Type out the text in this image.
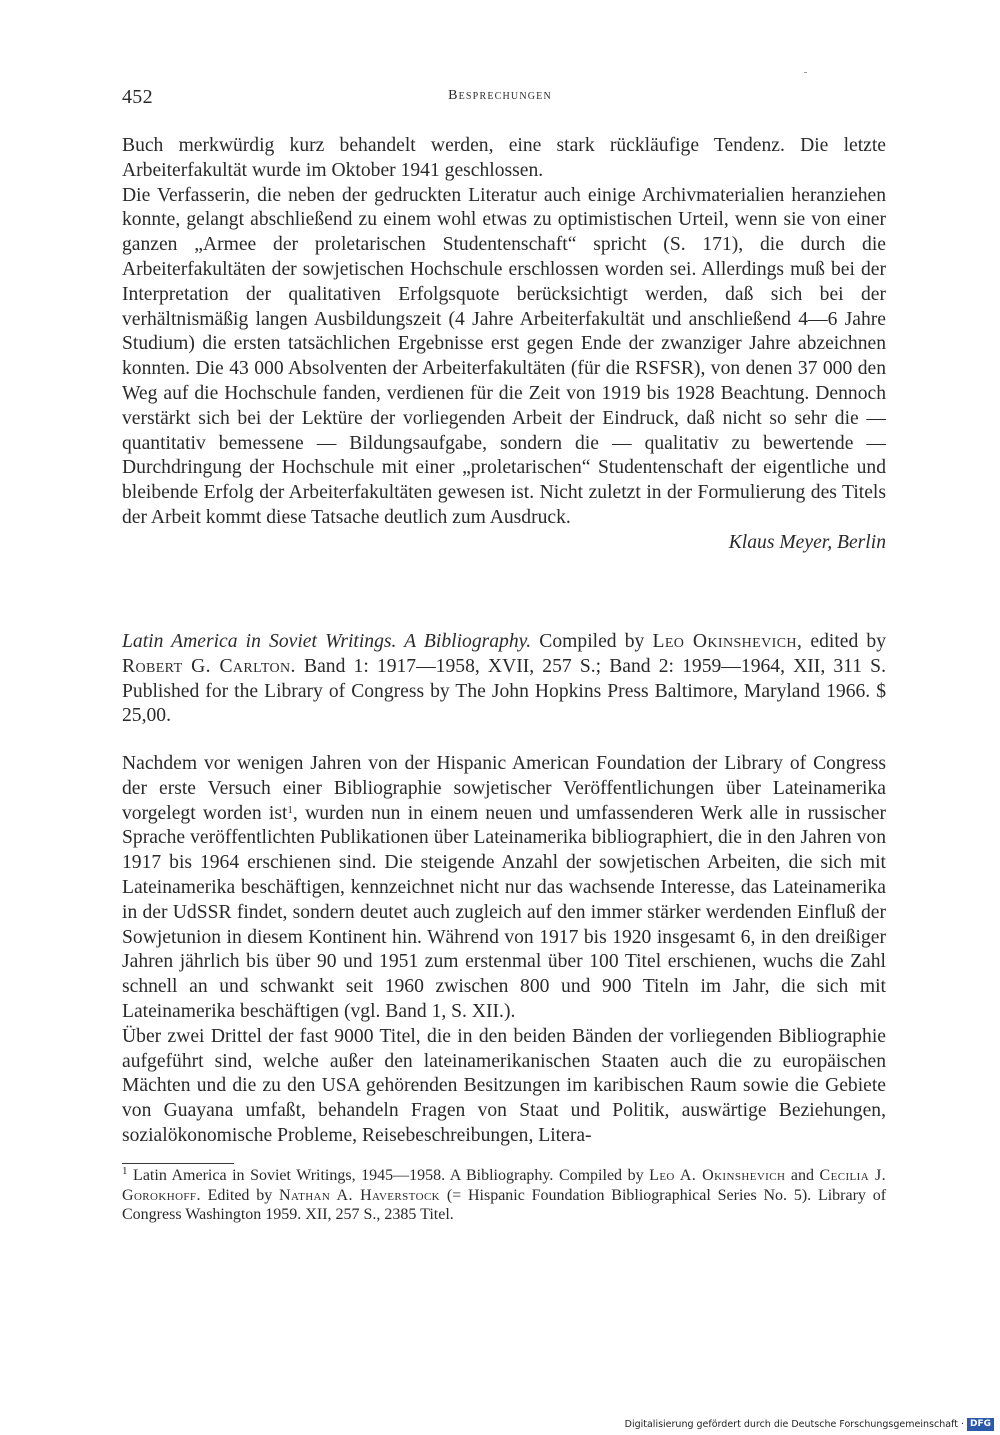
452	Besprechungen

Buch merkwürdig kurz behandelt werden, eine stark rückläufige Tendenz. Die letzte Arbeiterfakultät wurde im Oktober 1941 geschlossen.

Die Verfasserin, die neben der gedruckten Literatur auch einige Archivmaterialien heranziehen konnte, gelangt abschließend zu einem wohl etwas zu optimistischen Urteil, wenn sie von einer ganzen „Armee der proletarischen Studentenschaft“ spricht (S. 171), die durch die Arbeiterfakultäten der sowjetischen Hochschule erschlossen worden sei. Allerdings muß bei der Interpretation der qualitativen Erfolgsquote berücksichtigt werden, daß sich bei der verhältnismäßig langen Ausbildungszeit (4 Jahre Arbeiterfakultät und anschließend 4—6 Jahre Studium) die ersten tatsächlichen Ergebnisse erst gegen Ende der zwanziger Jahre abzeichnen konnten. Die 43 000 Absolventen der Arbeiterfakultäten (für die RSFSR), von denen 37 000 den Weg auf die Hochschule fanden, verdienen für die Zeit von 1919 bis 1928 Beachtung. Dennoch verstärkt sich bei der Lektüre der vorliegenden Arbeit der Eindruck, daß nicht so sehr die — quantitativ bemessene — Bildungsaufgabe, sondern die — qualitativ zu bewertende — Durchdringung der Hochschule mit einer „proletarischen“ Studentenschaft der eigentliche und bleibende Erfolg der Arbeiterfakultäten gewesen ist. Nicht zuletzt in der Formulierung des Titels der Arbeit kommt diese Tatsache deutlich zum Ausdruck.

Klaus Meyer, Berlin

Latin America in Soviet Writings. A Bibliography. Compiled by Leo Okinshevich, edited by Robert G. Carlton. Band 1: 1917—1958, XVII, 257 S.; Band 2: 1959—1964, XII, 311 S. Published for the Library of Congress by The John Hopkins Press Baltimore, Maryland 1966. $ 25,00.

Nachdem vor wenigen Jahren von der Hispanic American Foundation der Library of Congress der erste Versuch einer Bibliographie sowjetischer Veröffentlichungen über Lateinamerika vorgelegt worden ist$^1$, wurden nun in einem neuen und umfassenderen Werk alle in russischer Sprache veröffentlichten Publikationen über Lateinamerika bibliographiert, die in den Jahren von 1917 bis 1964 erschienen sind. Die steigende Anzahl der sowjetischen Arbeiten, die sich mit Lateinamerika beschäftigen, kennzeichnet nicht nur das wachsende Interesse, das Lateinamerika in der UdSSR findet, sondern deutet auch zugleich auf den immer stärker werdenden Einfluß der Sowjetunion in diesem Kontinent hin. Während von 1917 bis 1920 insgesamt 6, in den dreißiger Jahren jährlich bis über 90 und 1951 zum erstenmal über 100 Titel erschienen, wuchs die Zahl schnell an und schwankt seit 1960 zwischen 800 und 900 Titeln im Jahr, die sich mit Lateinamerika beschäftigen (vgl. Band 1, S. XII.).

Über zwei Drittel der fast 9000 Titel, die in den beiden Bänden der vorliegenden Bibliographie aufgeführt sind, welche außer den lateinamerikanischen Staaten auch die zu europäischen Mächten und die zu den USA gehörenden Besitzungen im karibischen Raum sowie die Gebiete von Guayana umfaßt, behandeln Fragen von Staat und Politik, auswärtige Beziehungen, sozialökonomische Probleme, Reisebeschreibungen, Litera-

$^1$ Latin America in Soviet Writings, 1945—1958. A Bibliography. Compiled by Leo A. Okinshevich and Cecilia J. Gorokhoff. Edited by Nathan A. Haverstock (= Hispanic Foundation Bibliographical Series No. 5). Library of Congress Washington 1959. XII, 257 S., 2385 Titel.

Digitalisierung gefördert durch die Deutsche Forschungsgemeinschaft · DFG
